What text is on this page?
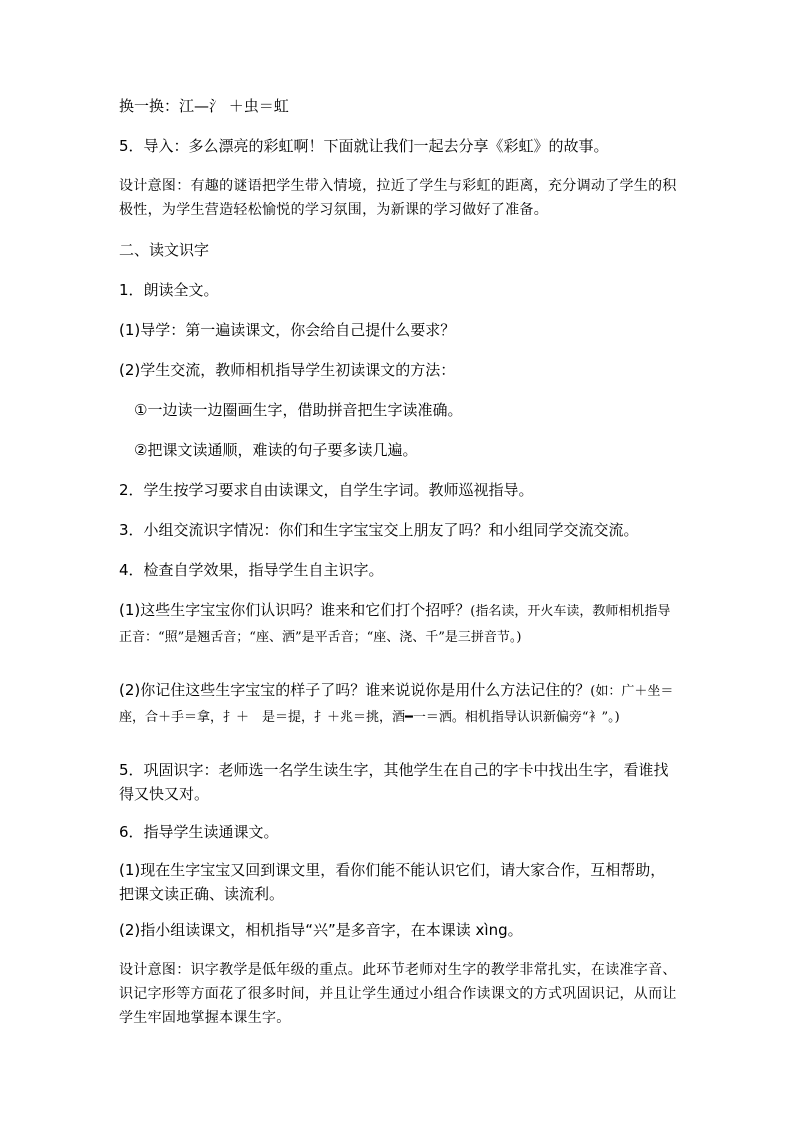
换一换：江—氵 ＋虫＝虹
5．导入：多么漂亮的彩虹啊！下面就让我们一起去分享《彩虹》的故事。
设计意图：有趣的谜语把学生带入情境，拉近了学生与彩虹的距离，充分调动了学生的积极性，为学生营造轻松愉悦的学习氛围，为新课的学习做好了准备。
二、读文识字
1．朗读全文。
(1)导学：第一遍读课文，你会给自己提什么要求？
(2)学生交流，教师相机指导学生初读课文的方法：
①一边读一边圈画生字，借助拼音把生字读准确。
②把课文读通顺，难读的句子要多读几遍。
2．学生按学习要求自由读课文，自学生字词。教师巡视指导。
3．小组交流识字情况：你们和生字宝宝交上朋友了吗？和小组同学交流交流。
4．检查自学效果，指导学生自主识字。
(1)这些生字宝宝你们认识吗？谁来和它们打个招呼？(指名读，开火车读，教师相机指导正音：“照”是翘舌音；“座、洒”是平舌音；“座、浇、千”是三拼音节。)
(2)你记住这些生字宝宝的样子了吗？谁来说说你是用什么方法记住的？(如：广＋坐＝座，合＋手＝拿，扌＋　是＝提，扌＋兆＝挑，酒━一＝洒。相机指导认识新偏旁“衤”。)
5．巩固识字：老师选一名学生读生字，其他学生在自己的字卡中找出生字，看谁找得又快又对。
6．指导学生读通课文。
(1)现在生字宝宝又回到课文里，看你们能不能认识它们，请大家合作，互相帮助，把课文读正确、读流利。
(2)指小组读课文，相机指导“兴”是多音字，在本课读 xìng。
设计意图：识字教学是低年级的重点。此环节老师对生字的教学非常扎实，在读准字音、识记字形等方面花了很多时间，并且让学生通过小组合作读课文的方式巩固识记，从而让学生牢固地掌握本课生字。
